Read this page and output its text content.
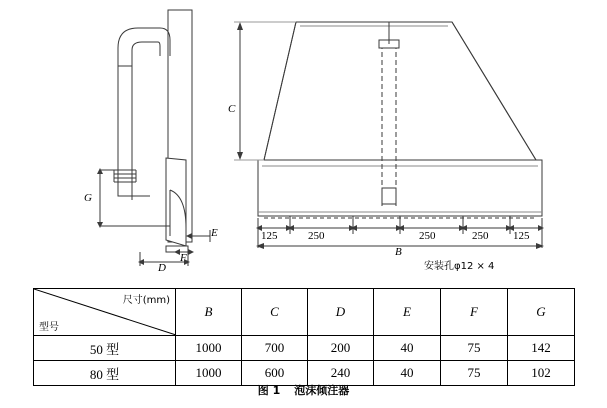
G
D
F
E
C
B
125	250	250	250 125
安装孔φ12 × 4
尺寸(mm)
型号	B	C	D	E	F	G
50 型	1000	700	200	40	75	142
80 型	1000	600	240	40	75	102
图 1 泡沫倾注器
